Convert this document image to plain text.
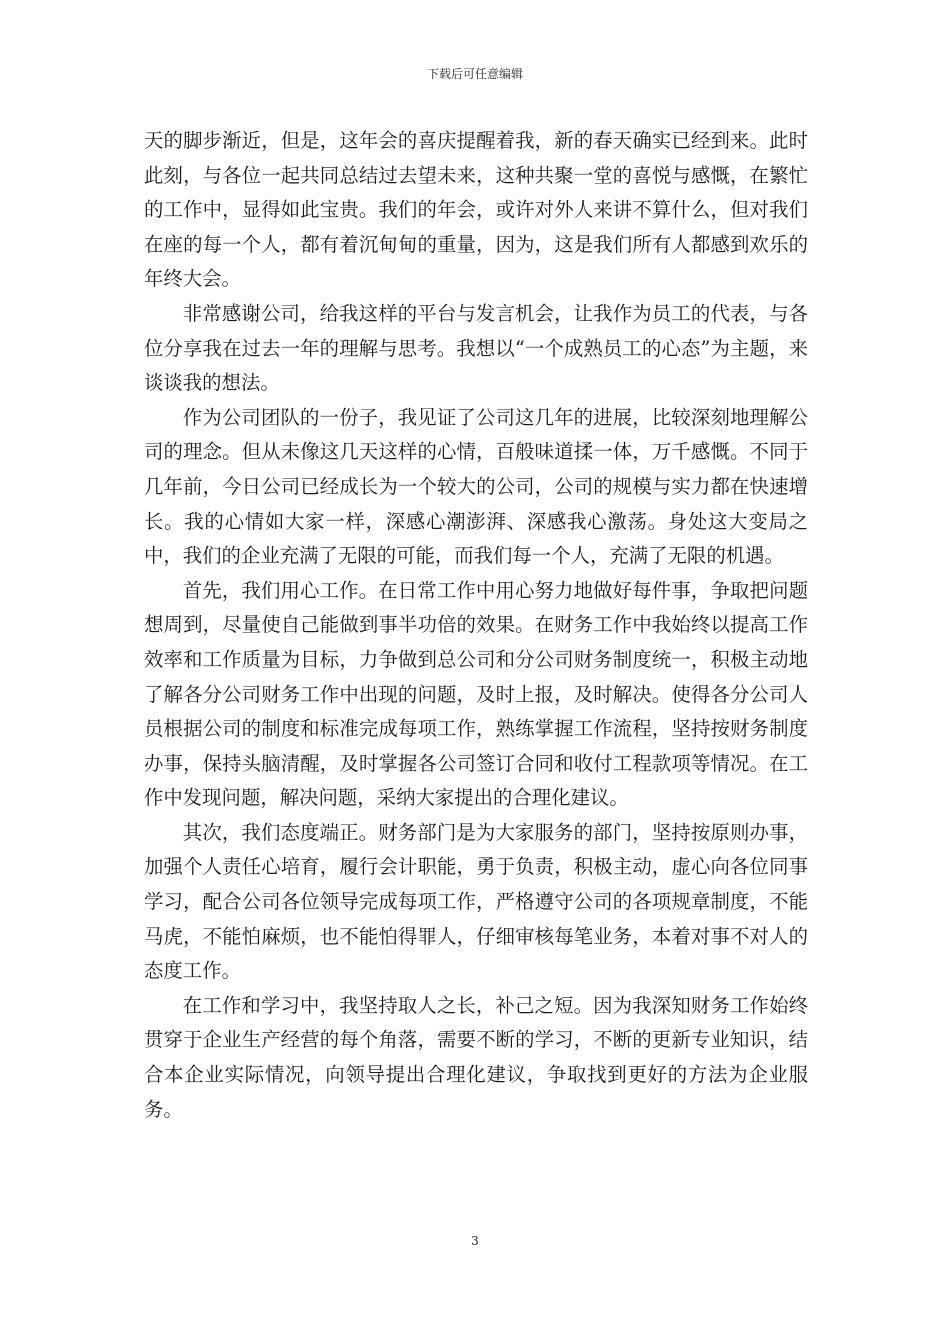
下载后可任意编辑

天的脚步渐近，但是，这年会的喜庆提醒着我，新的春天确实已经到来。此时此刻，与各位一起共同总结过去望未来，这种共聚一堂的喜悦与感慨，在繁忙的工作中，显得如此宝贵。我们的年会，或许对外人来讲不算什么，但对我们在座的每一个人，都有着沉甸甸的重量，因为，这是我们所有人都感到欢乐的年终大会。

非常感谢公司，给我这样的平台与发言机会，让我作为员工的代表，与各位分享我在过去一年的理解与思考。我想以“一个成熟员工的心态”为主题，来谈谈我的想法。

作为公司团队的一份子，我见证了公司这几年的进展，比较深刻地理解公司的理念。但从未像这几天这样的心情，百般味道揉一体，万千感慨。不同于几年前，今日公司已经成长为一个较大的公司，公司的规模与实力都在快速增长。我的心情如大家一样，深感心潮澎湃、深感我心激荡。身处这大变局之中，我们的企业充满了无限的可能，而我们每一个人，充满了无限的机遇。

首先，我们用心工作。在日常工作中用心努力地做好每件事，争取把问题想周到，尽量使自己能做到事半功倍的效果。在财务工作中我始终以提高工作效率和工作质量为目标，力争做到总公司和分公司财务制度统一，积极主动地了解各分公司财务工作中出现的问题，及时上报，及时解决。使得各分公司人员根据公司的制度和标准完成每项工作，熟练掌握工作流程，坚持按财务制度办事，保持头脑清醒，及时掌握各公司签订合同和收付工程款项等情况。在工作中发现问题，解决问题，采纳大家提出的合理化建议。

其次，我们态度端正。财务部门是为大家服务的部门，坚持按原则办事，加强个人责任心培育，履行会计职能，勇于负责，积极主动，虚心向各位同事学习，配合公司各位领导完成每项工作，严格遵守公司的各项规章制度，不能马虎，不能怕麻烦，也不能怕得罪人，仔细审核每笔业务，本着对事不对人的态度工作。

在工作和学习中，我坚持取人之长，补己之短。因为我深知财务工作始终贯穿于企业生产经营的每个角落，需要不断的学习，不断的更新专业知识，结合本企业实际情况，向领导提出合理化建议，争取找到更好的方法为企业服务。

3
